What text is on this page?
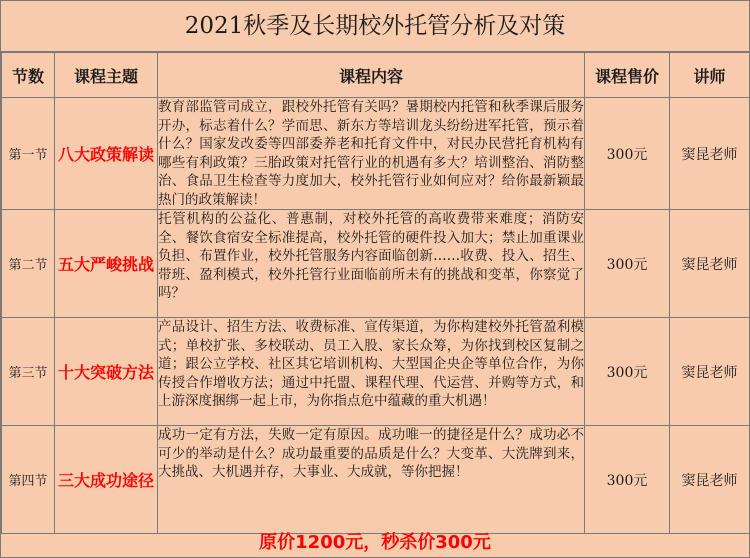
2021秋季及长期校外托管分析及对策
节数	课程主题	课程内容	课程售价	讲师
第一节	八大政策解读	教育部监管司成立，跟校外托管有关吗？暑期校内托管和秋季课后服务开办，标志着什么？学而思、新东方等培训龙头纷纷进军托管，预示着什么？国家发改委等四部委养老和托育文件中，对民办民营托育机构有哪些有利政策？三胎政策对托管行业的机遇有多大？培训整治、消防整治、食品卫生检查等力度加大，校外托管行业如何应对？给你最新颖最热门的政策解读！	300元	窦昆老师
第二节	五大严峻挑战	托管机构的公益化、普惠制，对校外托管的高收费带来难度；消防安全、餐饮食宿安全标准提高，校外托管的硬件投入加大；禁止加重课业负担、布置作业，校外托管服务内容面临创新……收费、投入、招生、带班、盈利模式，校外托管行业面临前所未有的挑战和变革，你察觉了吗？	300元	窦昆老师
第三节	十大突破方法	产品设计、招生方法、收费标准、宣传渠道，为你构建校外托管盈利模式；单校扩张、多校联动、员工入股、家长众筹，为你找到校区复制之道；跟公立学校、社区其它培训机构、大型国企央企等单位合作，为你传授合作增收方法；通过中托盟、课程代理、代运营、并购等方式，和上游深度捆绑一起上市，为你指点危中蕴藏的重大机遇！	300元	窦昆老师
第四节	三大成功途径	成功一定有方法，失败一定有原因。成功唯一的捷径是什么？成功必不可少的举动是什么？成功最重要的品质是什么？大变革、大洗牌到来，大挑战、大机遇并存，大事业、大成就，等你把握！	300元	窦昆老师
原价1200元，秒杀价300元
